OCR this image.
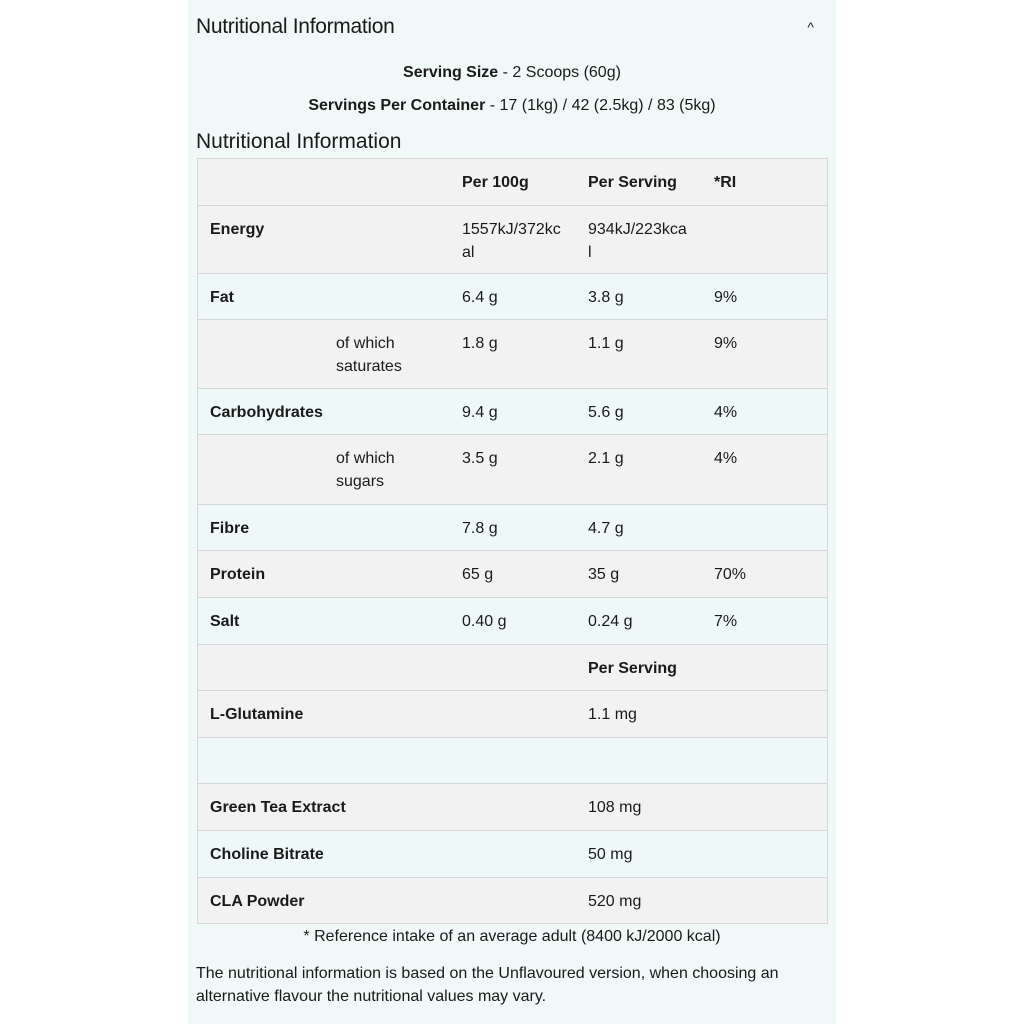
Nutritional Information	^
Serving Size - 2 Scoops (60g)
Servings Per Container - 17 (1kg) / 42 (2.5kg) / 83 (5kg)
Nutritional Information
		Per 100g	Per Serving	*RI
Energy		1557kJ/372kcal	934kJ/223kcal	

Fat		6.4 g	3.8 g	9%

	of which saturates	1.8 g	1.1 g	9%
Carbohydrates		9.4 g	5.6 g	4%

	of which sugars	3.5 g	2.1 g	4%
Fibre		7.8 g	4.7 g	
Protein		65 g	35 g	70%
Salt		0.40 g	0.24 g	7%
			Per Serving	
L-Glutamine			1.1 mg	

Green Tea Extract			108 mg	
Choline Bitrate			50 mg	
CLA Powder			520 mg	
* Reference intake of an average adult (8400 kJ/2000 kcal)
The nutritional information is based on the Unflavoured version, when choosing an alternative flavour the nutritional values may vary.
